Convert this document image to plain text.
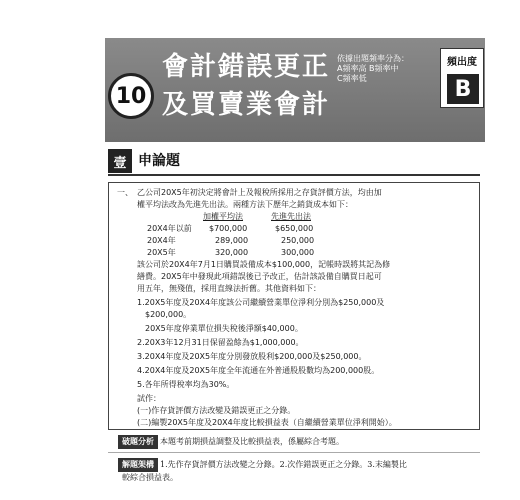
10
會計錯誤更正
及買賣業會計
依據出題頻率分為：
A頻率高 B頻率中
C頻率低
頻出度
B
壹 申論題
一、 乙公司20X5年初決定將會計上及報稅所採用之存貨評價方法，均由加
權平均法改為先進先出法。兩種方法下歷年之銷貨成本如下：
加權平均法	先進先出法
20X4年以前 $700,000	$650,000
20X4年	289,000	250,000
20X5年	320,000	300,000
該公司於20X4年7月1日購買設備成本$100,000，記帳時誤將其記為修
繕費。20X5年中發現此項錯誤後已予改正，估計該設備自購買日起可
用五年，無殘值，採用直線法折舊。其他資料如下：
1.20X5年度及20X4年度該公司繼續營業單位淨利分別為$250,000及
$200,000。
20X5年度停業單位損失稅後淨額$40,000。
2.20X3年12月31日保留盈餘為$1,000,000。
3.20X4年度及20X5年度分別發放股利$200,000及$250,000。
4.20X4年度及20X5年度全年流通在外普通股股數均為200,000股。
5.各年所得稅率均為30%。
試作：
(一)作存貨評價方法改變及錯誤更正之分錄。
(二)編製20X5年度及20X4年度比較損益表（自繼續營業單位淨利開始）。
破題分析 本題考前期損益調整及比較損益表，係屬綜合考題。
解題架構 1.先作存貨評價方法改變之分錄。2.次作錯誤更正之分錄。3.末編製比
較綜合損益表。
